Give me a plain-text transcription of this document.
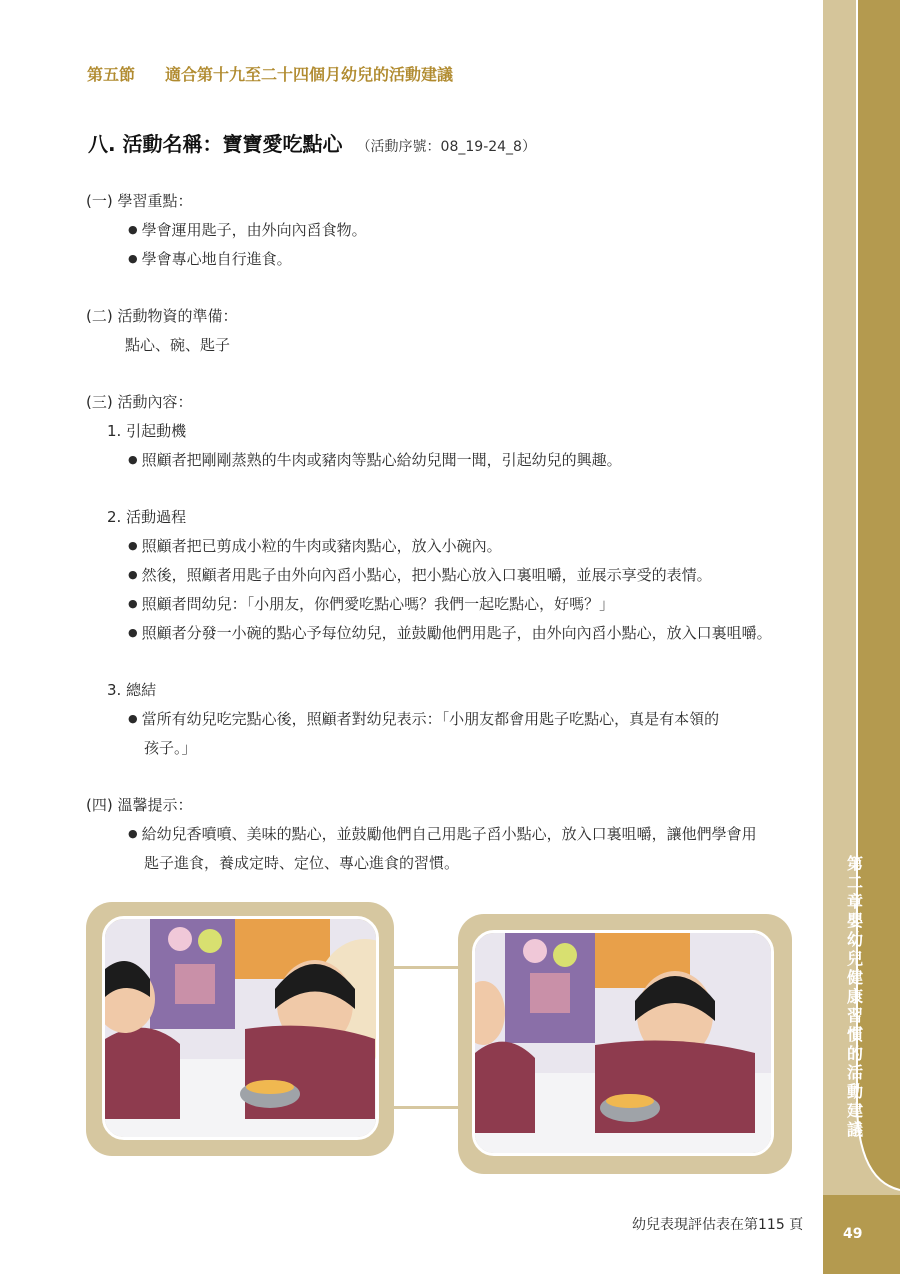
第五節 適合第十九至二十四個月幼兒的活動建議
八. 活動名稱：寶寶愛吃點心 （活動序號：08_19-24_8）
(一) 學習重點：
● 學會運用匙子，由外向內舀食物。
● 學會專心地自行進食。
(二) 活動物資的準備：
點心、碗、匙子
(三) 活動內容：
1. 引起動機
● 照顧者把剛剛蒸熟的牛肉或豬肉等點心給幼兒聞一聞，引起幼兒的興趣。
2. 活動過程
● 照顧者把已剪成小粒的牛肉或豬肉點心，放入小碗內。
● 然後，照顧者用匙子由外向內舀小點心，把小點心放入口裏咀嚼，並展示享受的表情。
● 照顧者問幼兒：「小朋友，你們愛吃點心嗎？我們一起吃點心，好嗎？」
● 照顧者分發一小碗的點心予每位幼兒，並鼓勵他們用匙子，由外向內舀小點心，放入口裏咀嚼。
3. 總結
● 當所有幼兒吃完點心後，照顧者對幼兒表示：「小朋友都會用匙子吃點心，真是有本領的
孩子。」
(四) 溫馨提示：
● 給幼兒香噴噴、美味的點心，並鼓勵他們自己用匙子舀小點心，放入口裏咀嚼，讓他們學會用
匙子進食，養成定時、定位、專心進食的習慣。	第二章 嬰幼兒健康習慣的活動建議
49
幼兒表現評估表在第115 頁
